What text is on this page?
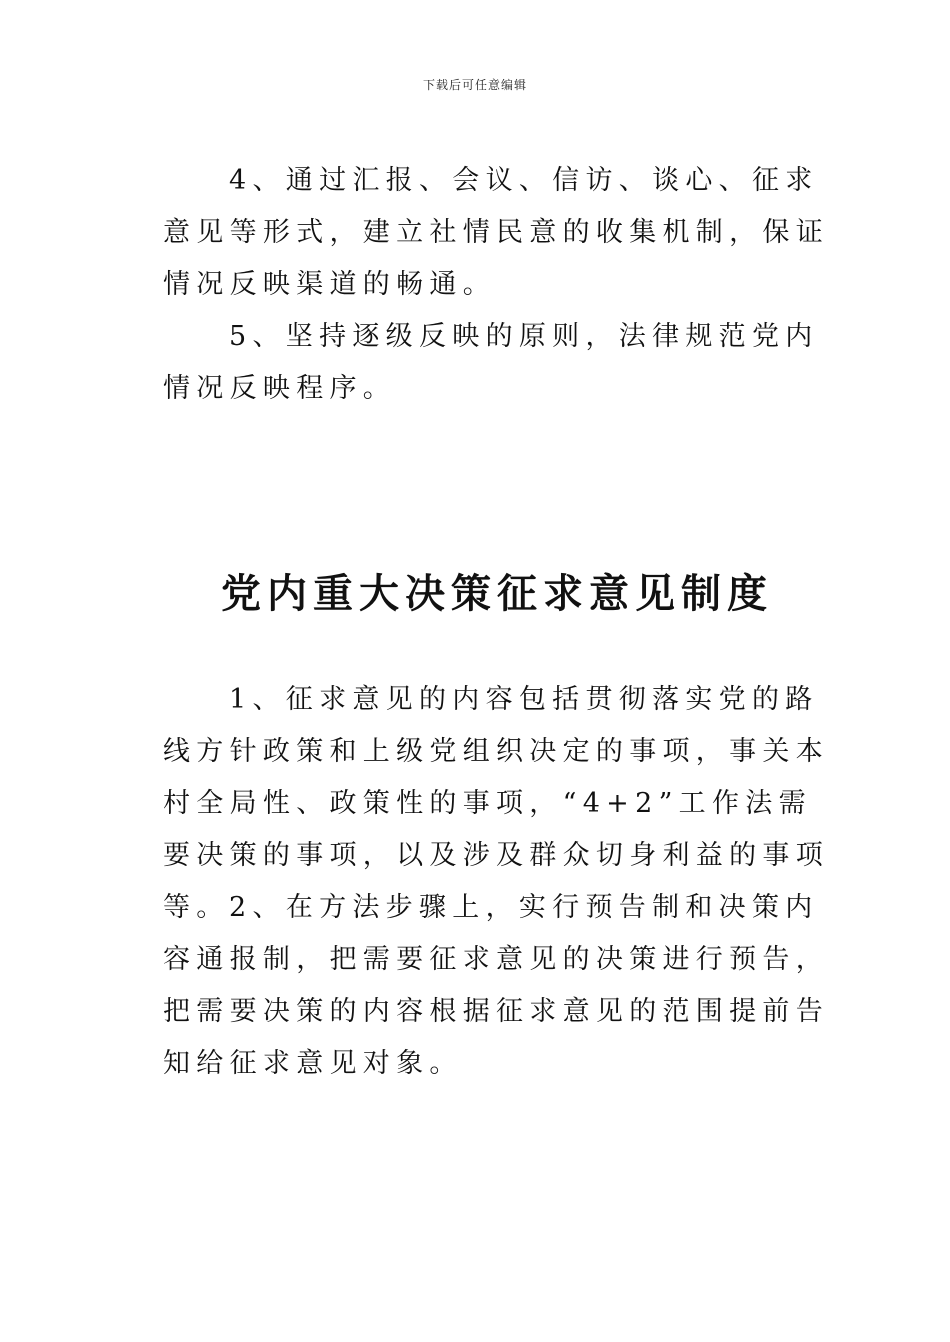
下载后可任意编辑

4、通过汇报、会议、信访、谈心、征求意见等形式，建立社情民意的收集机制，保证情况反映渠道的畅通。

5、坚持逐级反映的原则，法律规范党内情况反映程序。

党内重大决策征求意见制度

1、征求意见的内容包括贯彻落实党的路线方针政策和上级党组织决定的事项，事关本村全局性、政策性的事项，“4+2”工作法需要决策的事项，以及涉及群众切身利益的事项等。 2、在方法步骤上，实行预告制和决策内容通报制，把需要征求意见的决策进行预告，把需要决策的内容根据征求意见的范围提前告知给征求意见对象。
